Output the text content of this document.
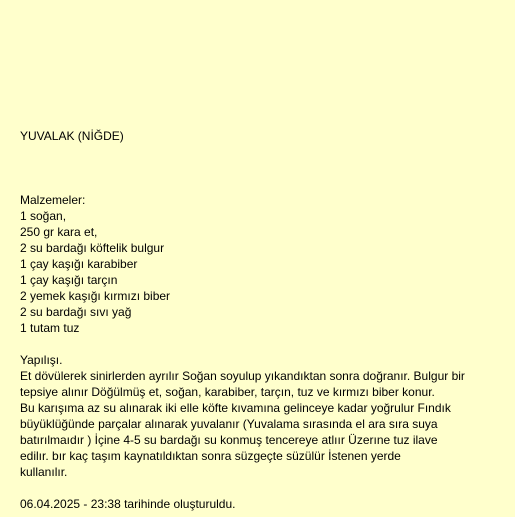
YUVALAK (NİĞDE)
Malzemeler:
1 soğan,
250 gr kara et,
2 su bardağı köftelik bulgur
1 çay kaşığı karabiber
1 çay kaşığı tarçın
2 yemek kaşığı kırmızı biber
2 su bardağı sıvı yağ
1 tutam tuz
Yapılışı.
Et dövülerek sinirlerden ayrılır Soğan soyulup yıkandıktan sonra doğranır. Bulgur bir
tepsiye alınır Döğülmüş et, soğan, karabiber, tarçın, tuz ve kırmızı biber konur.
Bu karışıma az su alınarak iki elle köfte kıvamına gelinceye kadar yoğrulur Fındık
büyüklüğünde parçalar alınarak yuvalanır (Yuvalama sırasında el ara sıra suya
batırılmaıdır ) İçine 4-5 su bardağı su konmuş tencereye atlıır Üzerıne tuz ilave
edilır. bır kaç taşım kaynatıldıktan sonra süzgeçte süzülür İstenen yerde
kullanılır.
06.04.2025 - 23:38 tarihinde oluşturuldu.
